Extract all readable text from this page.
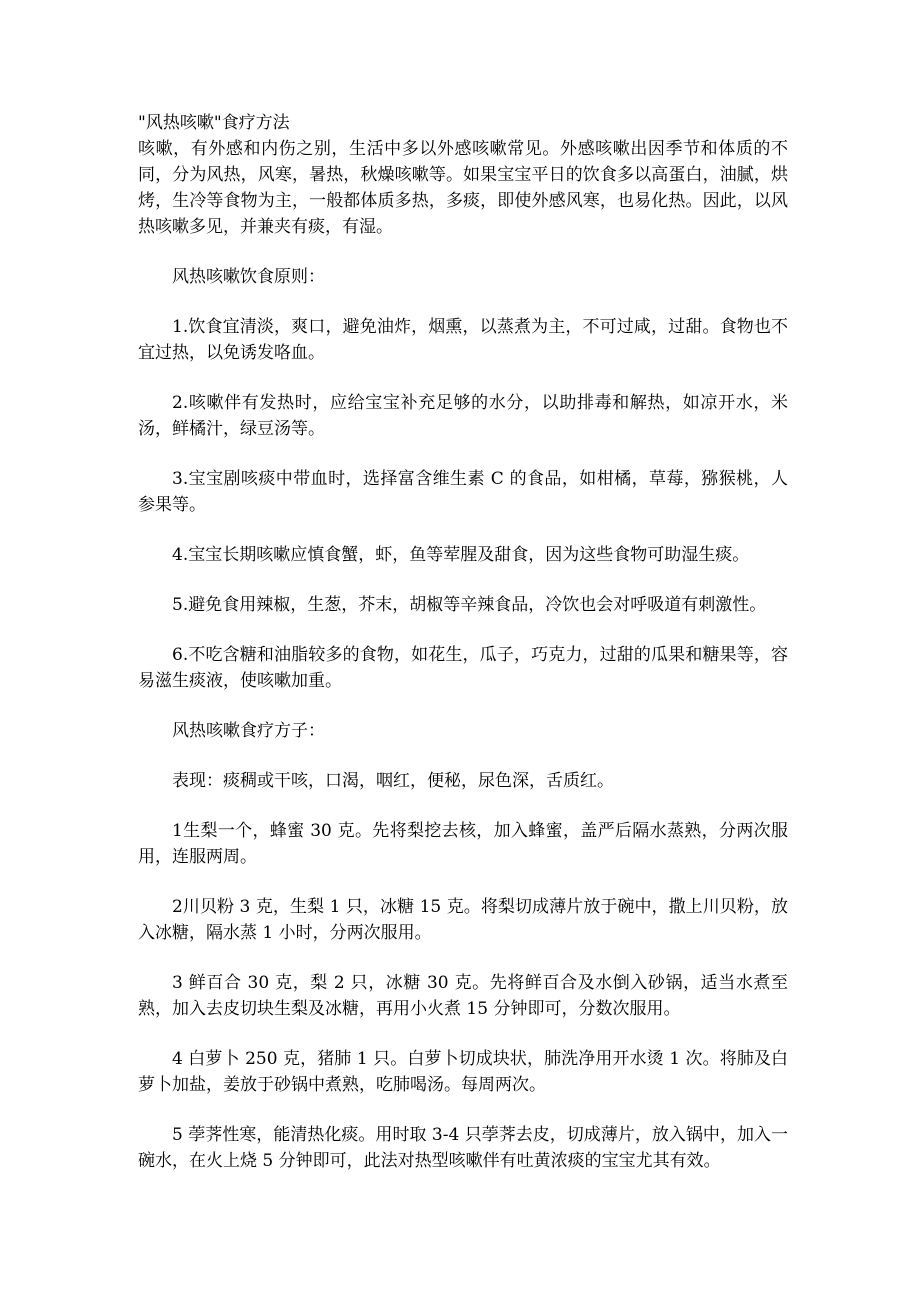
"风热咳嗽"食疗方法

咳嗽，有外感和内伤之别，生活中多以外感咳嗽常见。外感咳嗽出因季节和体质的不同，分为风热，风寒，暑热，秋燥咳嗽等。如果宝宝平日的饮食多以高蛋白，油腻，烘烤，生冷等食物为主，一般都体质多热，多痰，即使外感风寒，也易化热。因此，以风热咳嗽多见，并兼夹有痰，有湿。

风热咳嗽饮食原则：

1.饮食宜清淡，爽口，避免油炸，烟熏，以蒸煮为主，不可过咸，过甜。食物也不宜过热，以免诱发咯血。

2.咳嗽伴有发热时，应给宝宝补充足够的水分，以助排毒和解热，如凉开水，米汤，鲜橘汁，绿豆汤等。

3.宝宝剧咳痰中带血时，选择富含维生素 C 的食品，如柑橘，草莓，猕猴桃，人参果等。

4.宝宝长期咳嗽应慎食蟹，虾，鱼等荤腥及甜食，因为这些食物可助湿生痰。

5.避免食用辣椒，生葱，芥末，胡椒等辛辣食品，冷饮也会对呼吸道有刺激性。

6.不吃含糖和油脂较多的食物，如花生，瓜子，巧克力，过甜的瓜果和糖果等，容易滋生痰液，使咳嗽加重。

风热咳嗽食疗方子：

表现：痰稠或干咳，口渴，咽红，便秘，尿色深，舌质红。

1生梨一个，蜂蜜 30 克。先将梨挖去核，加入蜂蜜，盖严后隔水蒸熟，分两次服用，连服两周。

2川贝粉 3 克，生梨 1 只，冰糖 15 克。将梨切成薄片放于碗中，撒上川贝粉，放入冰糖，隔水蒸 1 小时，分两次服用。

3 鲜百合 30 克，梨 2 只，冰糖 30 克。先将鲜百合及水倒入砂锅，适当水煮至熟，加入去皮切块生梨及冰糖，再用小火煮 15 分钟即可，分数次服用。

4 白萝卜 250 克，猪肺 1 只。白萝卜切成块状，肺洗净用开水烫 1 次。将肺及白萝卜加盐，姜放于砂锅中煮熟，吃肺喝汤。每周两次。

5 荸荠性寒，能清热化痰。用时取 3-4 只荸荠去皮，切成薄片，放入锅中，加入一碗水，在火上烧 5 分钟即可，此法对热型咳嗽伴有吐黄浓痰的宝宝尤其有效。
